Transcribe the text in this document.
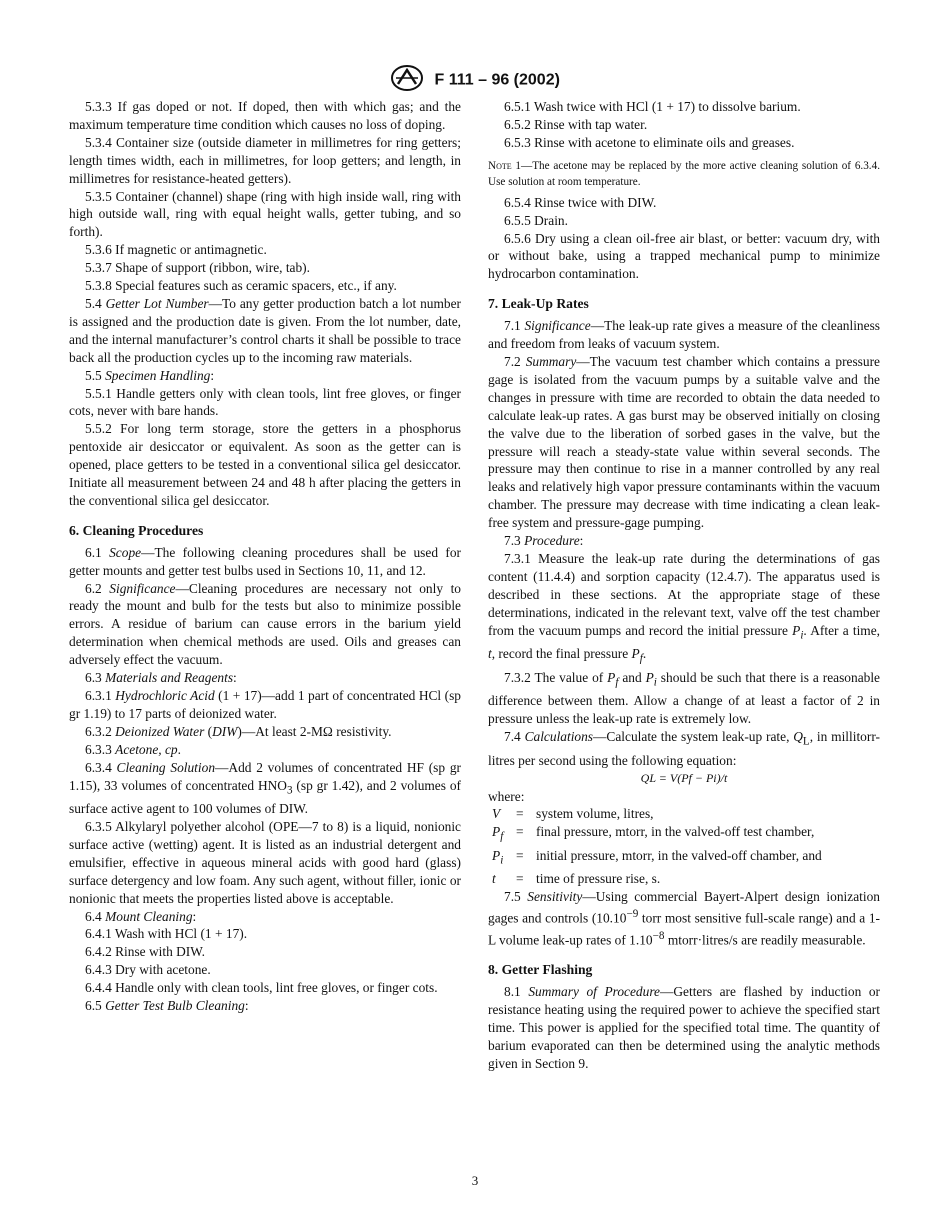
F 111 – 96 (2002)

5.3.3 If gas doped or not. If doped, then with which gas; and the maximum temperature time condition which causes no loss of doping.

5.3.4 Container size (outside diameter in millimetres for ring getters; length times width, each in millimetres, for loop getters; and length, in millimetres for resistance-heated getters).

5.3.5 Container (channel) shape (ring with high inside wall, ring with high outside wall, ring with equal height walls, getter tubing, and so forth).

5.3.6 If magnetic or antimagnetic.

5.3.7 Shape of support (ribbon, wire, tab).

5.3.8 Special features such as ceramic spacers, etc., if any.

5.4 Getter Lot Number—To any getter production batch a lot number is assigned and the production date is given. From the lot number, date, and the internal manufacturer’s control charts it shall be possible to trace back all the production cycles up to the incoming raw materials.

5.5 Specimen Handling:

5.5.1 Handle getters only with clean tools, lint free gloves, or finger cots, never with bare hands.

5.5.2 For long term storage, store the getters in a phosphorus pentoxide air desiccator or equivalent. As soon as the getter can is opened, place getters to be tested in a conventional silica gel desiccator. Initiate all measurement between 24 and 48 h after placing the getters in the conventional silica gel desiccator.

6. Cleaning Procedures

6.1 Scope—The following cleaning procedures shall be used for getter mounts and getter test bulbs used in Sections 10, 11, and 12.

6.2 Significance—Cleaning procedures are necessary not only to ready the mount and bulb for the tests but also to minimize possible errors. A residue of barium can cause errors in the barium yield determination when chemical methods are used. Oils and greases can adversely effect the vacuum.

6.3 Materials and Reagents:

6.3.1 Hydrochloric Acid (1 + 17)—add 1 part of concentrated HCl (sp gr 1.19) to 17 parts of deionized water.

6.3.2 Deionized Water (DIW)—At least 2-MΩ resistivity.

6.3.3 Acetone, cp.

6.3.4 Cleaning Solution—Add 2 volumes of concentrated HF (sp gr 1.15), 33 volumes of concentrated $HNO_3$ (sp gr 1.42), and 2 volumes of surface active agent to 100 volumes of DIW.

6.3.5 Alkylaryl polyether alcohol (OPE—7 to 8) is a liquid, nonionic surface active (wetting) agent. It is listed as an industrial detergent and emulsifier, effective in aqueous mineral acids with good hard (glass) surface detergency and low foam. Any such agent, without filler, ionic or nonionic that meets the properties listed above is acceptable.

6.4 Mount Cleaning:

6.4.1 Wash with HCl (1 + 17).

6.4.2 Rinse with DIW.

6.4.3 Dry with acetone.

6.4.4 Handle only with clean tools, lint free gloves, or finger cots.

6.5 Getter Test Bulb Cleaning:

6.5.1 Wash twice with HCl (1 + 17) to dissolve barium.

6.5.2 Rinse with tap water.

6.5.3 Rinse with acetone to eliminate oils and greases.

Note 1—The acetone may be replaced by the more active cleaning solution of 6.3.4. Use solution at room temperature.

6.5.4 Rinse twice with DIW.

6.5.5 Drain.

6.5.6 Dry using a clean oil-free air blast, or better: vacuum dry, with or without bake, using a trapped mechanical pump to minimize hydrocarbon contamination.

7. Leak-Up Rates

7.1 Significance—The leak-up rate gives a measure of the cleanliness and freedom from leaks of vacuum system.

7.2 Summary—The vacuum test chamber which contains a pressure gage is isolated from the vacuum pumps by a suitable valve and the changes in pressure with time are recorded to obtain the data needed to calculate leak-up rates. A gas burst may be observed initially on closing the valve due to the liberation of sorbed gases in the valve, but the pressure will reach a steady-state value within several seconds. The pressure may then continue to rise in a manner controlled by any real leaks and relatively high vapor pressure contaminants within the vacuum chamber. The pressure may decrease with time indicating a clean leak-free system and pressure-gage pumping.

7.3 Procedure:

7.3.1 Measure the leak-up rate during the determinations of gas content (11.4.4) and sorption capacity (12.4.7). The apparatus used is described in these sections. At the appropriate stage of these determinations, indicated in the relevant text, valve off the test chamber from the vacuum pumps and record the initial pressure $P_i$. After a time, t, record the final pressure $P_f$.

7.3.2 The value of $P_f$ and $P_i$ should be such that there is a reasonable difference between them. Allow a change of at least a factor of 2 in pressure unless the leak-up rate is extremely low.

7.4 Calculations—Calculate the system leak-up rate, $Q_L$, in millitorr-litres per second using the following equation:

QL = V(Pf − Pi)/t

where:

V	= system volume, litres,
$P_f$ = final pressure, mtorr, in the valved-off test chamber,
$P_i$ = initial pressure, mtorr, in the valved-off chamber, and
t	= time of pressure rise, s.

7.5 Sensitivity—Using commercial Bayert-Alpert design ionization gages and controls ($10.10^{-9}$ torr most sensitive full-scale range) and a 1-L volume leak-up rates of $1.10^{-8}$ mtorr·litres/s are readily measurable.

8. Getter Flashing

8.1 Summary of Procedure—Getters are flashed by induction or resistance heating using the required power to achieve the specified start time. This power is applied for the specified total time. The quantity of barium evaporated can then be determined using the analytic methods given in Section 9.

3
